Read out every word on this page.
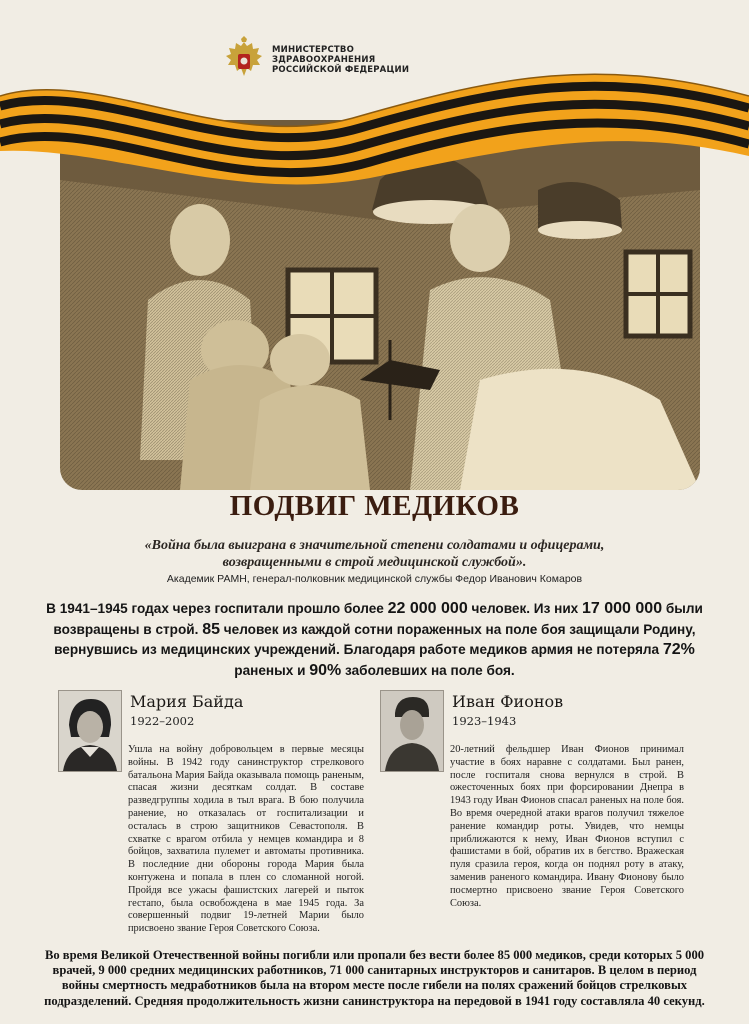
МИНИСТЕРСТВО
ЗДРАВООХРАНЕНИЯ
РОССИЙСКОЙ ФЕДЕРАЦИИ
ПОДВИГ МЕДИКОВ
«Война была выиграна в значительной степени солдатами и офицерами,
возвращенными в строй медицинской службой».
Академик РАМН, генерал-полковник медицинской службы Федор Иванович Комаров
В 1941–1945 годах через госпитали прошло более 22 000 000 человек. Из них 17 000 000 были возвращены в строй. 85 человек из каждой сотни пораженных на поле боя защищали Родину, вернувшись из медицинских учреждений. Благодаря работе медиков армия не потеряла 72% раненых и 90% заболевших на поле боя.
Мария Байда
1922–2002
Ушла на войну добровольцем в первые месяцы войны. В 1942 году санинструктор стрелкового батальона Мария Байда оказывала помощь раненым, спасая жизни десяткам солдат. В составе разведгруппы ходила в тыл врага. В бою получила ранение, но отказалась от госпитализации и осталась в строю защитников Севастополя. В схватке с врагом отбила у немцев командира и 8 бойцов, захватила пулемет и автоматы противника. В последние дни обороны города Мария была контужена и попала в плен со сломанной ногой. Пройдя все ужасы фашистских лагерей и пыток гестапо, была освобождена в мае 1945 года. За совершенный подвиг 19-летней Марии было присвоено звание Героя Советского Союза.
Иван Фионов
1923–1943
20-летний фельдшер Иван Фионов принимал участие в боях наравне с солдатами. Был ранен, после госпиталя снова вернулся в строй. В ожесточенных боях при форсировании Днепра в 1943 году Иван Фионов спасал раненых на поле боя. Во время очередной атаки врагов получил тяжелое ранение командир роты. Увидев, что немцы приближаются к нему, Иван Фионов вступил с фашистами в бой, обратив их в бегство. Вражеская пуля сразила героя, когда он поднял роту в атаку, заменив раненого командира. Ивану Фионову было посмертно присвоено звание Героя Советского Союза.
Во время Великой Отечественной войны погибли или пропали без вести более 85 000 медиков, среди которых 5 000 врачей, 9 000 средних медицинских работников, 71 000 санитарных инструкторов и санитаров. В целом в период войны смертность медработников была на втором месте после гибели на полях сражений бойцов стрелковых подразделений. Средняя продолжительность жизни санинструктора на передовой в 1941 году составляла 40 секунд.
